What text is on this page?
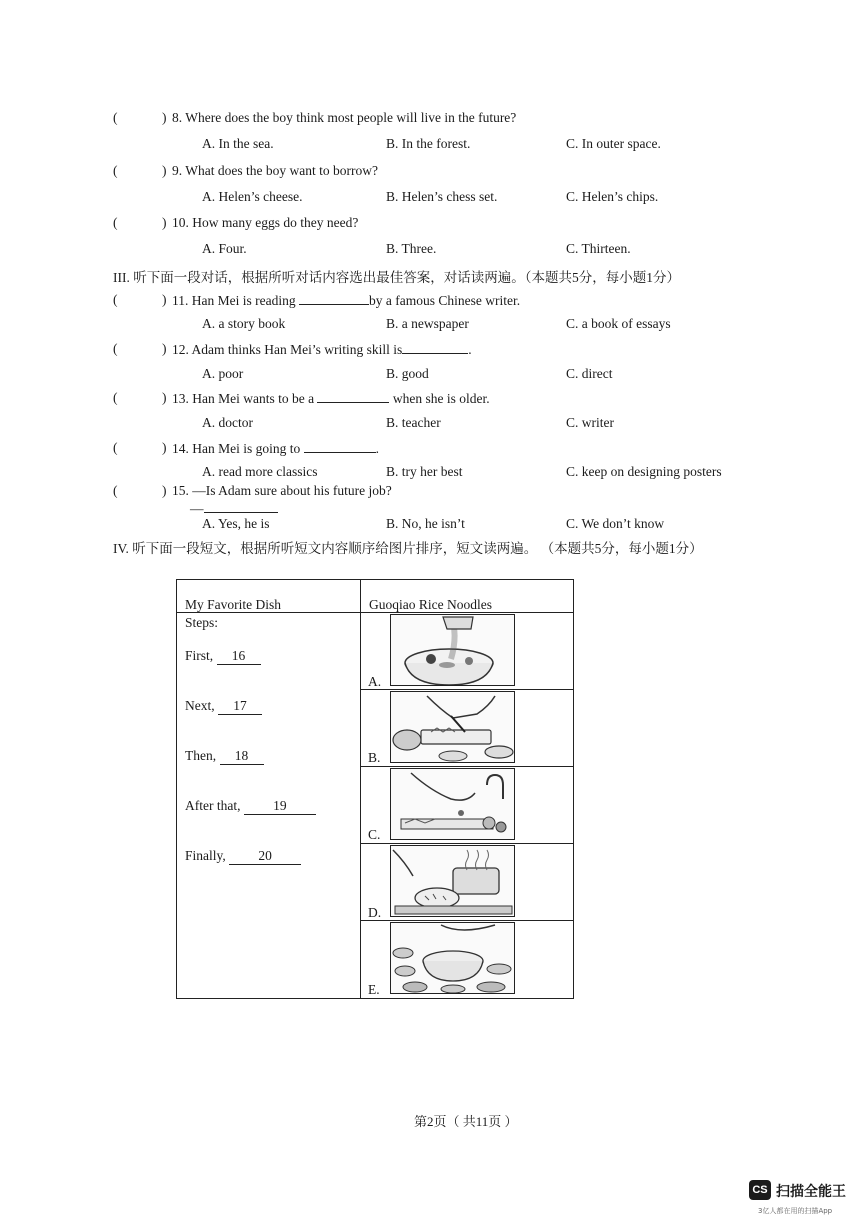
(	) 8. Where does the boy think most people will live in the future?
A. In the sea.	B. In the forest.	C. In outer space.
(	) 9. What does the boy want to borrow?
A. Helen’s cheese.	B. Helen’s chess set.	C. Helen’s chips.
(	) 10. How many eggs do they need?
A. Four.	B. Three.	C. Thirteen.
III. 听下面一段对话，根据所听对话内容选出最佳答案，对话读两遍。（本题共5分，每小题1分）
(	) 11. Han Mei is reading	by a famous Chinese writer.
A. a story book	B. a newspaper	C. a book of essays
(	) 12. Adam thinks Han Mei’s writing skill is	.
A. poor	B. good	C. direct
(	) 13. Han Mei wants to be a	when she is older.
A. doctor	B. teacher	C. writer
(	) 14. Han Mei is going to	.
A. read more classics	B. try her best	C. keep on designing posters
(	) 15. —Is Adam sure about his future job?
—
A. Yes, he is	B. No, he isn’t	C. We don’t know
IV. 听下面一段短文，根据所听短文内容顺序给图片排序，短文读两遍。 （本题共5分，每小题1分）
My Favorite Dish	Guoqiao Rice Noodles
Steps:
First, 16
Next, 17
Then, 18
After that, 19
Finally, 20
A.
B.
C.
D.
E.
第2页（ 共11页 ）
CS 扫描全能王
3亿人都在用的扫描App
